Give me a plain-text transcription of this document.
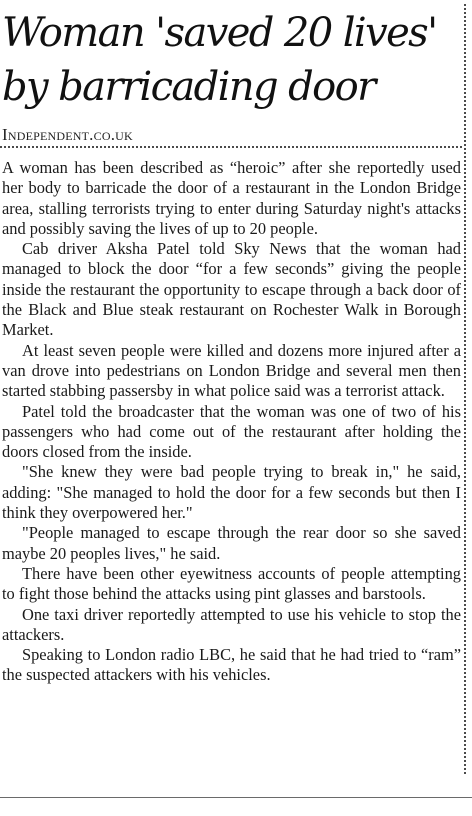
Woman 'saved 20 lives' by barricading door
Independent.co.uk

A woman has been described as “heroic” after she reportedly used her body to barricade the door of a restaurant in the London Bridge area, stalling terrorists trying to enter during Saturday night's attacks and possibly saving the lives of up to 20 people.

Cab driver Aksha Patel told Sky News that the woman had managed to block the door “for a few seconds” giving the people inside the restaurant the opportunity to escape through a back door of the Black and Blue steak restaurant on Rochester Walk in Borough Market.

At least seven people were killed and dozens more injured after a van drove into pedestrians on London Bridge and several men then started stabbing passersby in what police said was a terrorist attack.

Patel told the broadcaster that the woman was one of two of his passengers who had come out of the restaurant after holding the doors closed from the inside.

"She knew they were bad people trying to break in," he said, adding: "She managed to hold the door for a few seconds but then I think they overpowered her."

"People managed to escape through the rear door so she saved maybe 20 peoples lives," he said.

There have been other eyewitness accounts of people attempting to fight those behind the attacks using pint glasses and barstools.

One taxi driver reportedly attempted to use his vehicle to stop the attackers.

Speaking to London radio LBC, he said that he had tried to “ram” the suspected attackers with his vehicles.
